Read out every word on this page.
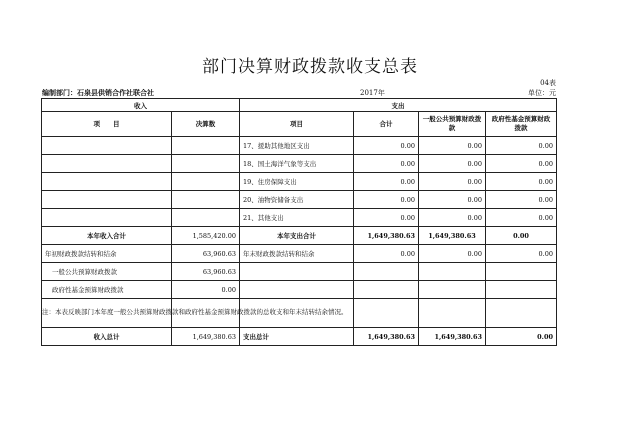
部门决算财政拨款收支总表
04表
编制部门：石泉县供销合作社联合社	2017年	单位：元
收入		支出			
项　　目	决算数	项目	合计	一般公共预算财政拨款	政府性基金预算财政拨款
		17、援助其他地区支出	0.00	0.00	0.00
		18、国土海洋气象等支出	0.00	0.00	0.00
		19、住房保障支出	0.00	0.00	0.00
		20、油物资储备支出	0.00	0.00	0.00
		21、其他支出	0.00	0.00	0.00
本年收入合计	1,585,420.00	本年支出合计	1,649,380.63	1,649,380.63	0.00
年初财政拨款结转和结余	63,960.63	年末财政拨款结转和结余	0.00	0.00	0.00
一般公共预算财政拨款	63,960.63				
政府性基金预算财政拨款	0.00				

收入总计	1,649,380.63	支出总计	1,649,380.63	1,649,380.63	0.00
注：本表反映部门本年度一般公共预算财政拨款和政府性基金预算财政拨款的总收支和年末结转结余情况。
